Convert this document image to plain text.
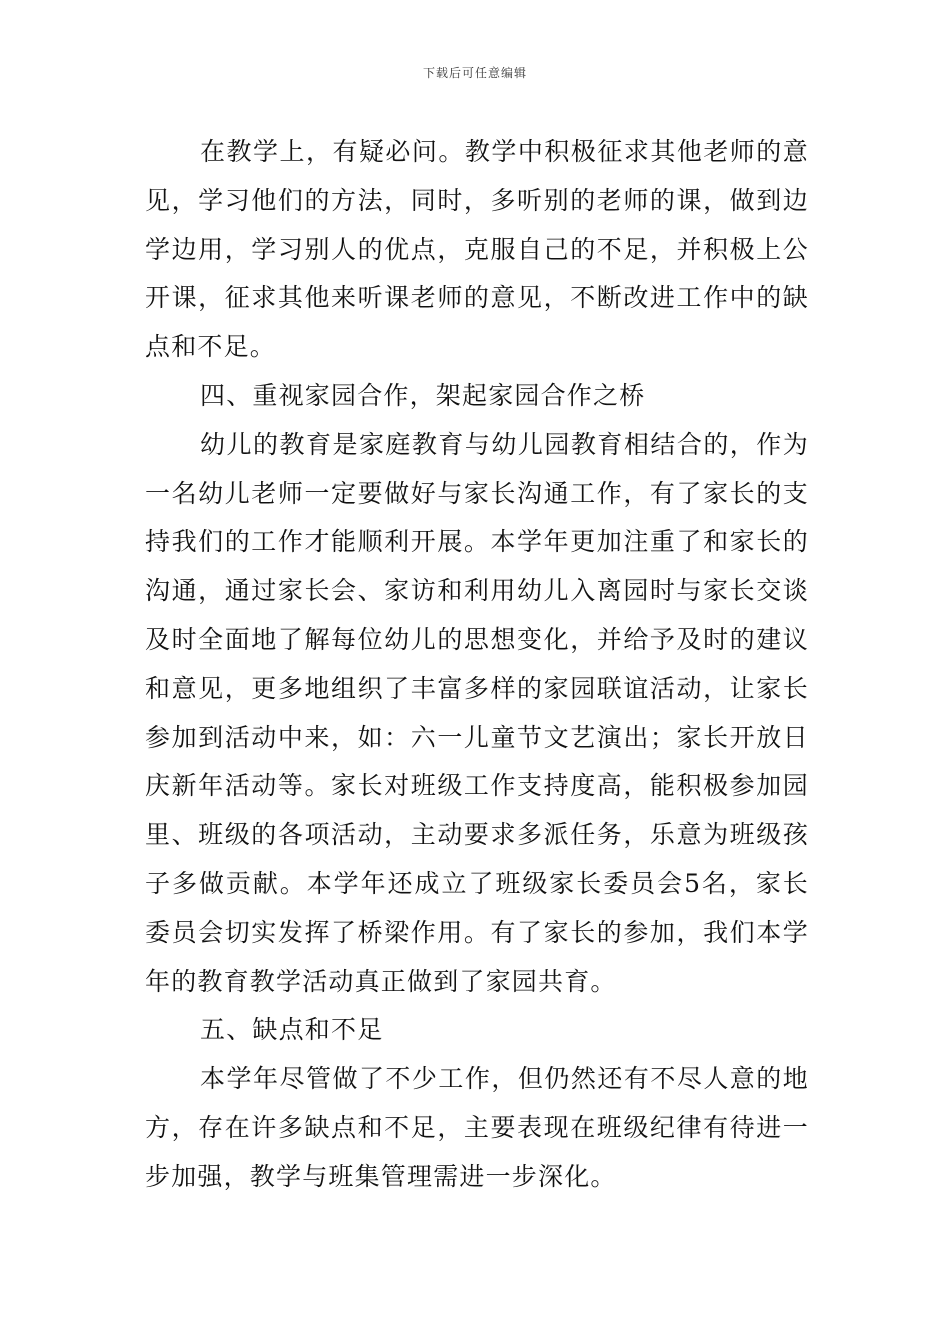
下载后可任意编辑

在教学上，有疑必问。教学中积极征求其他老师的意见，学习他们的方法，同时，多听别的老师的课，做到边学边用，学习别人的优点，克服自己的不足，并积极上公开课，征求其他来听课老师的意见，不断改进工作中的缺点和不足。

四、重视家园合作，架起家园合作之桥

幼儿的教育是家庭教育与幼儿园教育相结合的，作为一名幼儿老师一定要做好与家长沟通工作，有了家长的支持我们的工作才能顺利开展。本学年更加注重了和家长的沟通，通过家长会、家访和利用幼儿入离园时与家长交谈及时全面地了解每位幼儿的思想变化，并给予及时的建议和意见，更多地组织了丰富多样的家园联谊活动，让家长参加到活动中来，如：六一儿童节文艺演出；家长开放日庆新年活动等。家长对班级工作支持度高，能积极参加园里、班级的各项活动，主动要求多派任务，乐意为班级孩子多做贡献。本学年还成立了班级家长委员会5名，家长委员会切实发挥了桥梁作用。有了家长的参加，我们本学年的教育教学活动真正做到了家园共育。

五、缺点和不足

本学年尽管做了不少工作，但仍然还有不尽人意的地方，存在许多缺点和不足，主要表现在班级纪律有待进一步加强，教学与班集管理需进一步深化。
